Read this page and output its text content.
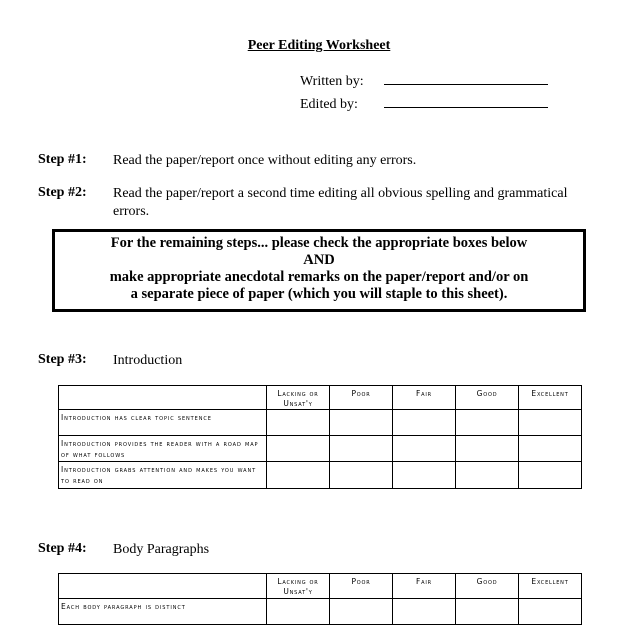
Peer Editing Worksheet
Written by:
Edited by:
Step #1: Read the paper/report once without editing any errors.
Step #2: Read the paper/report a second time editing all obvious spelling and grammatical errors.
For the remaining steps... please check the appropriate boxes below
AND
make appropriate anecdotal remarks on the paper/report and/or on
a separate piece of paper (which you will staple to this sheet).
Step #3: Introduction
	Lacking or Unsat'y	Poor	Fair	Good	Excellent
Introduction has clear topic sentence					
Introduction provides the reader with a road map of what follows					
Introduction grabs attention and makes you want to read on					
Step #4: Body Paragraphs
	Lacking or Unsat'y	Poor	Fair	Good	Excellent
Each body paragraph is distinct					
